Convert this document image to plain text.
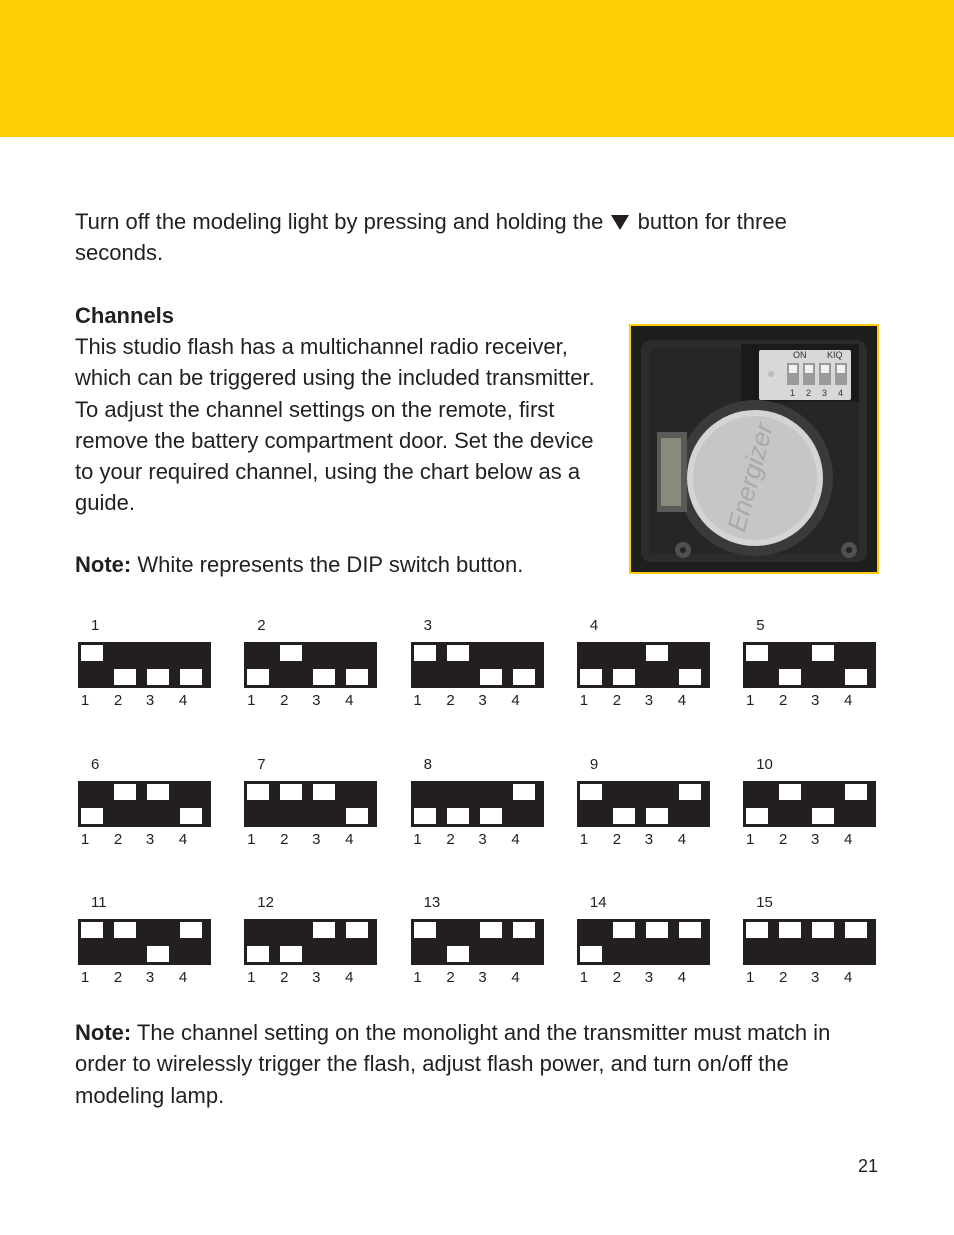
Turn off the modeling light by pressing and holding the button for three seconds.

Channels

This studio flash has a multichannel radio receiver, which can be triggered using the included transmitter. To adjust the channel settings on the remote, first remove the battery compartment door. Set the device to your required channel, using the chart below as a guide.

Note: White represents the DIP switch button.

ON KIQ
1 2 3 4
Energizer
1
1	2	3	4
2
1	2	3	4
3
1	2	3	4
4
1	2	3	4
5
1	2	3	4
6
1	2	3	4
7
1	2	3	4
8
1	2	3	4
9
1	2	3	4
10
1	2	3	4
11
1	2	3	4
12
1	2	3	4
13
1	2	3	4
14
1	2	3	4
15
1	2	3	4

Note: The channel setting on the monolight and the transmitter must match in order to wirelessly trigger the flash, adjust flash power, and turn on/off the modeling lamp.

21
